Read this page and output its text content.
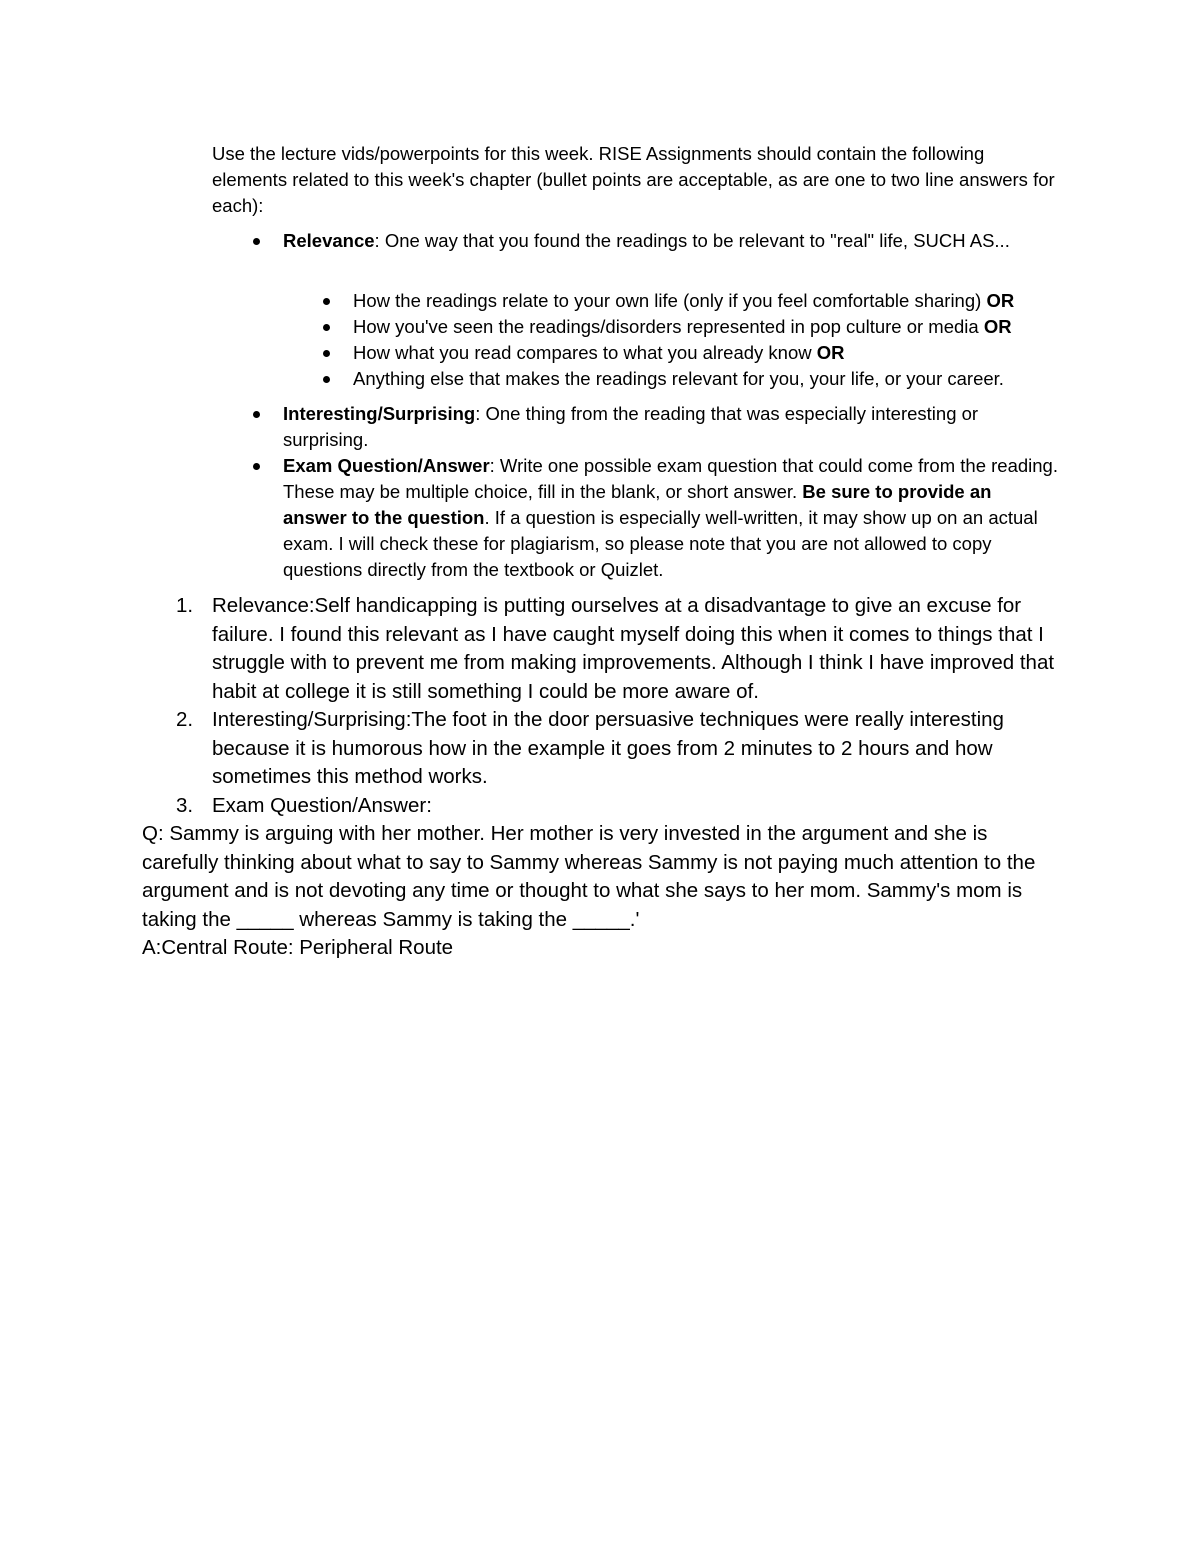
Use the lecture vids/powerpoints for this week. RISE Assignments should contain the following elements related to this week's chapter (bullet points are acceptable, as are one to two line answers for each):

Relevance: One way that you found the readings to be relevant to "real" life, SUCH AS...
How the readings relate to your own life (only if you feel comfortable sharing) OR
How you've seen the readings/disorders represented in pop culture or media OR
How what you read compares to what you already know OR
Anything else that makes the readings relevant for you, your life, or your career.
Interesting/Surprising: One thing from the reading that was especially interesting or surprising.
Exam Question/Answer: Write one possible exam question that could come from the reading. These may be multiple choice, fill in the blank, or short answer. Be sure to provide an answer to the question. If a question is especially well-written, it may show up on an actual exam. I will check these for plagiarism, so please note that you are not allowed to copy questions directly from the textbook or Quizlet.
1. Relevance:Self handicapping is putting ourselves at a disadvantage to give an excuse for failure. I found this relevant as I have caught myself doing this when it comes to things that I struggle with to prevent me from making improvements. Although I think I have improved that habit at college it is still something I could be more aware of.
2. Interesting/Surprising:The foot in the door persuasive techniques were really interesting because it is humorous how in the example it goes from 2 minutes to 2 hours and how sometimes this method works.
3. Exam Question/Answer:

Q: Sammy is arguing with her mother. Her mother is very invested in the argument and she is carefully thinking about what to say to Sammy whereas Sammy is not paying much attention to the argument and is not devoting any time or thought to what she says to her mom. Sammy's mom is taking the _____ whereas Sammy is taking the _____.'

A:Central Route: Peripheral Route
